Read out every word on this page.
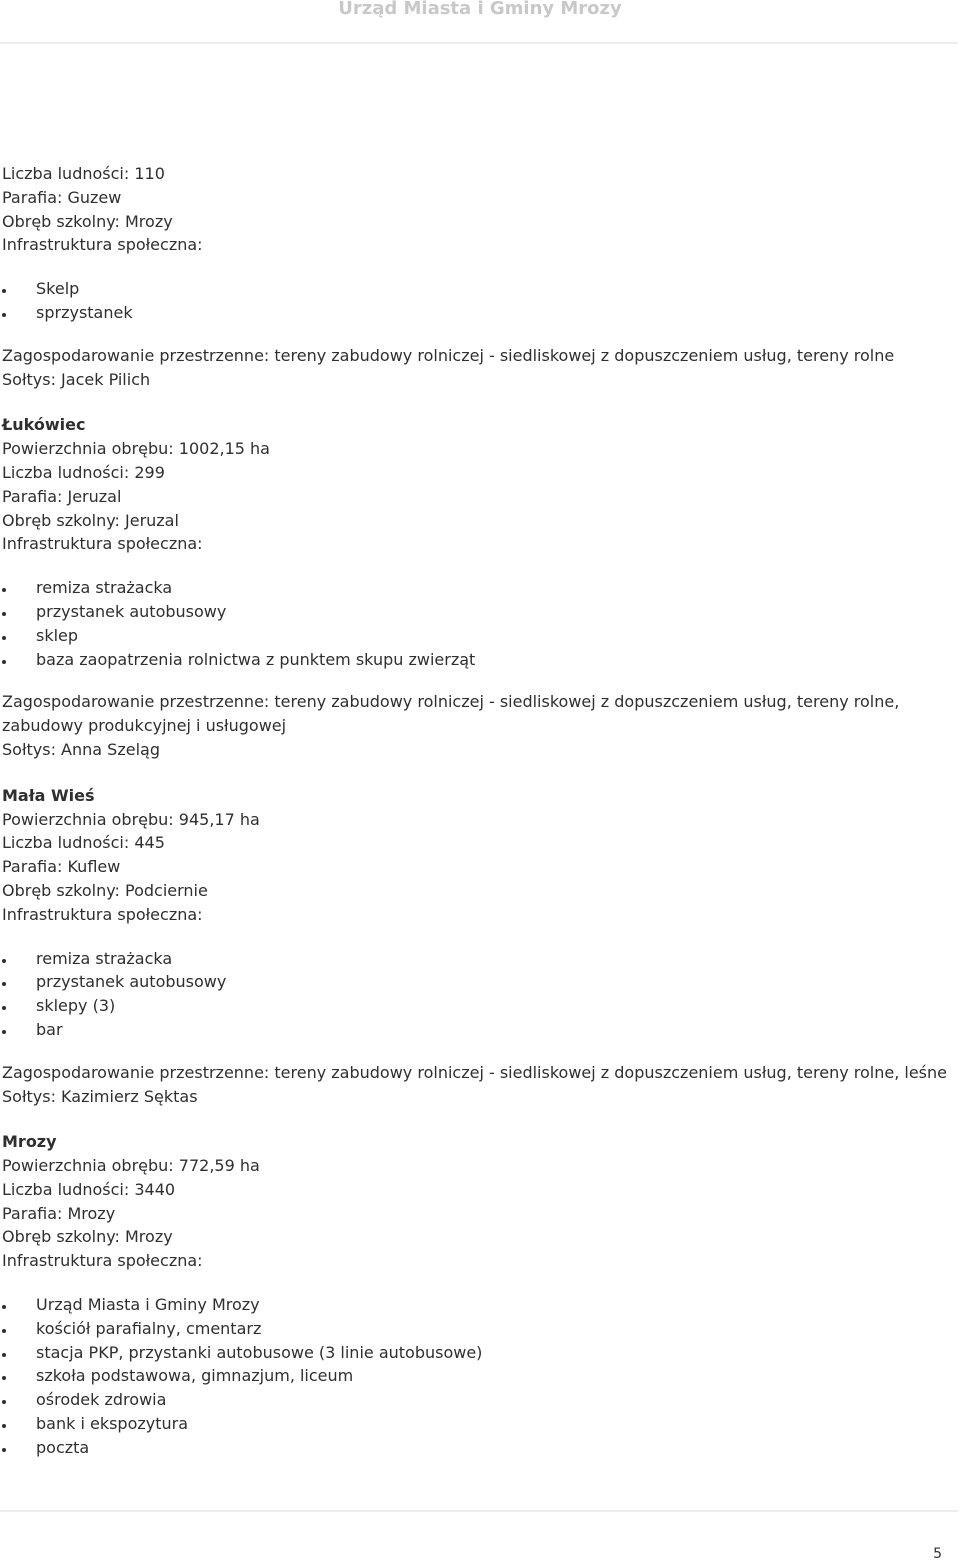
Urząd Miasta i Gminy Mrozy
Liczba ludności: 110
Parafia: Guzew
Obręb szkolny: Mrozy
Infrastruktura społeczna:
Skelp
sprzystanek
Zagospodarowanie przestrzenne: tereny zabudowy rolniczej - siedliskowej z dopuszczeniem usług, tereny rolne
Sołtys: Jacek Pilich
Łukówiec
Powierzchnia obrębu: 1002,15 ha
Liczba ludności: 299
Parafia: Jeruzal
Obręb szkolny: Jeruzal
Infrastruktura społeczna:
remiza strażacka
przystanek autobusowy
sklep
baza zaopatrzenia rolnictwa z punktem skupu zwierząt
Zagospodarowanie przestrzenne: tereny zabudowy rolniczej - siedliskowej z dopuszczeniem usług, tereny rolne, zabudowy produkcyjnej i usługowej
Sołtys: Anna Szeląg
Mała Wieś
Powierzchnia obrębu: 945,17 ha
Liczba ludności: 445
Parafia: Kuflew
Obręb szkolny: Podciernie
Infrastruktura społeczna:
remiza strażacka
przystanek autobusowy
sklepy (3)
bar
Zagospodarowanie przestrzenne: tereny zabudowy rolniczej - siedliskowej z dopuszczeniem usług, tereny rolne, leśne
Sołtys: Kazimierz Sęktas
Mrozy
Powierzchnia obrębu: 772,59 ha
Liczba ludności: 3440
Parafia: Mrozy
Obręb szkolny: Mrozy
Infrastruktura społeczna:
Urząd Miasta i Gminy Mrozy
kościół parafialny, cmentarz
stacja PKP, przystanki autobusowe (3 linie autobusowe)
szkoła podstawowa, gimnazjum, liceum
ośrodek zdrowia
bank i ekspozytura
poczta
5
